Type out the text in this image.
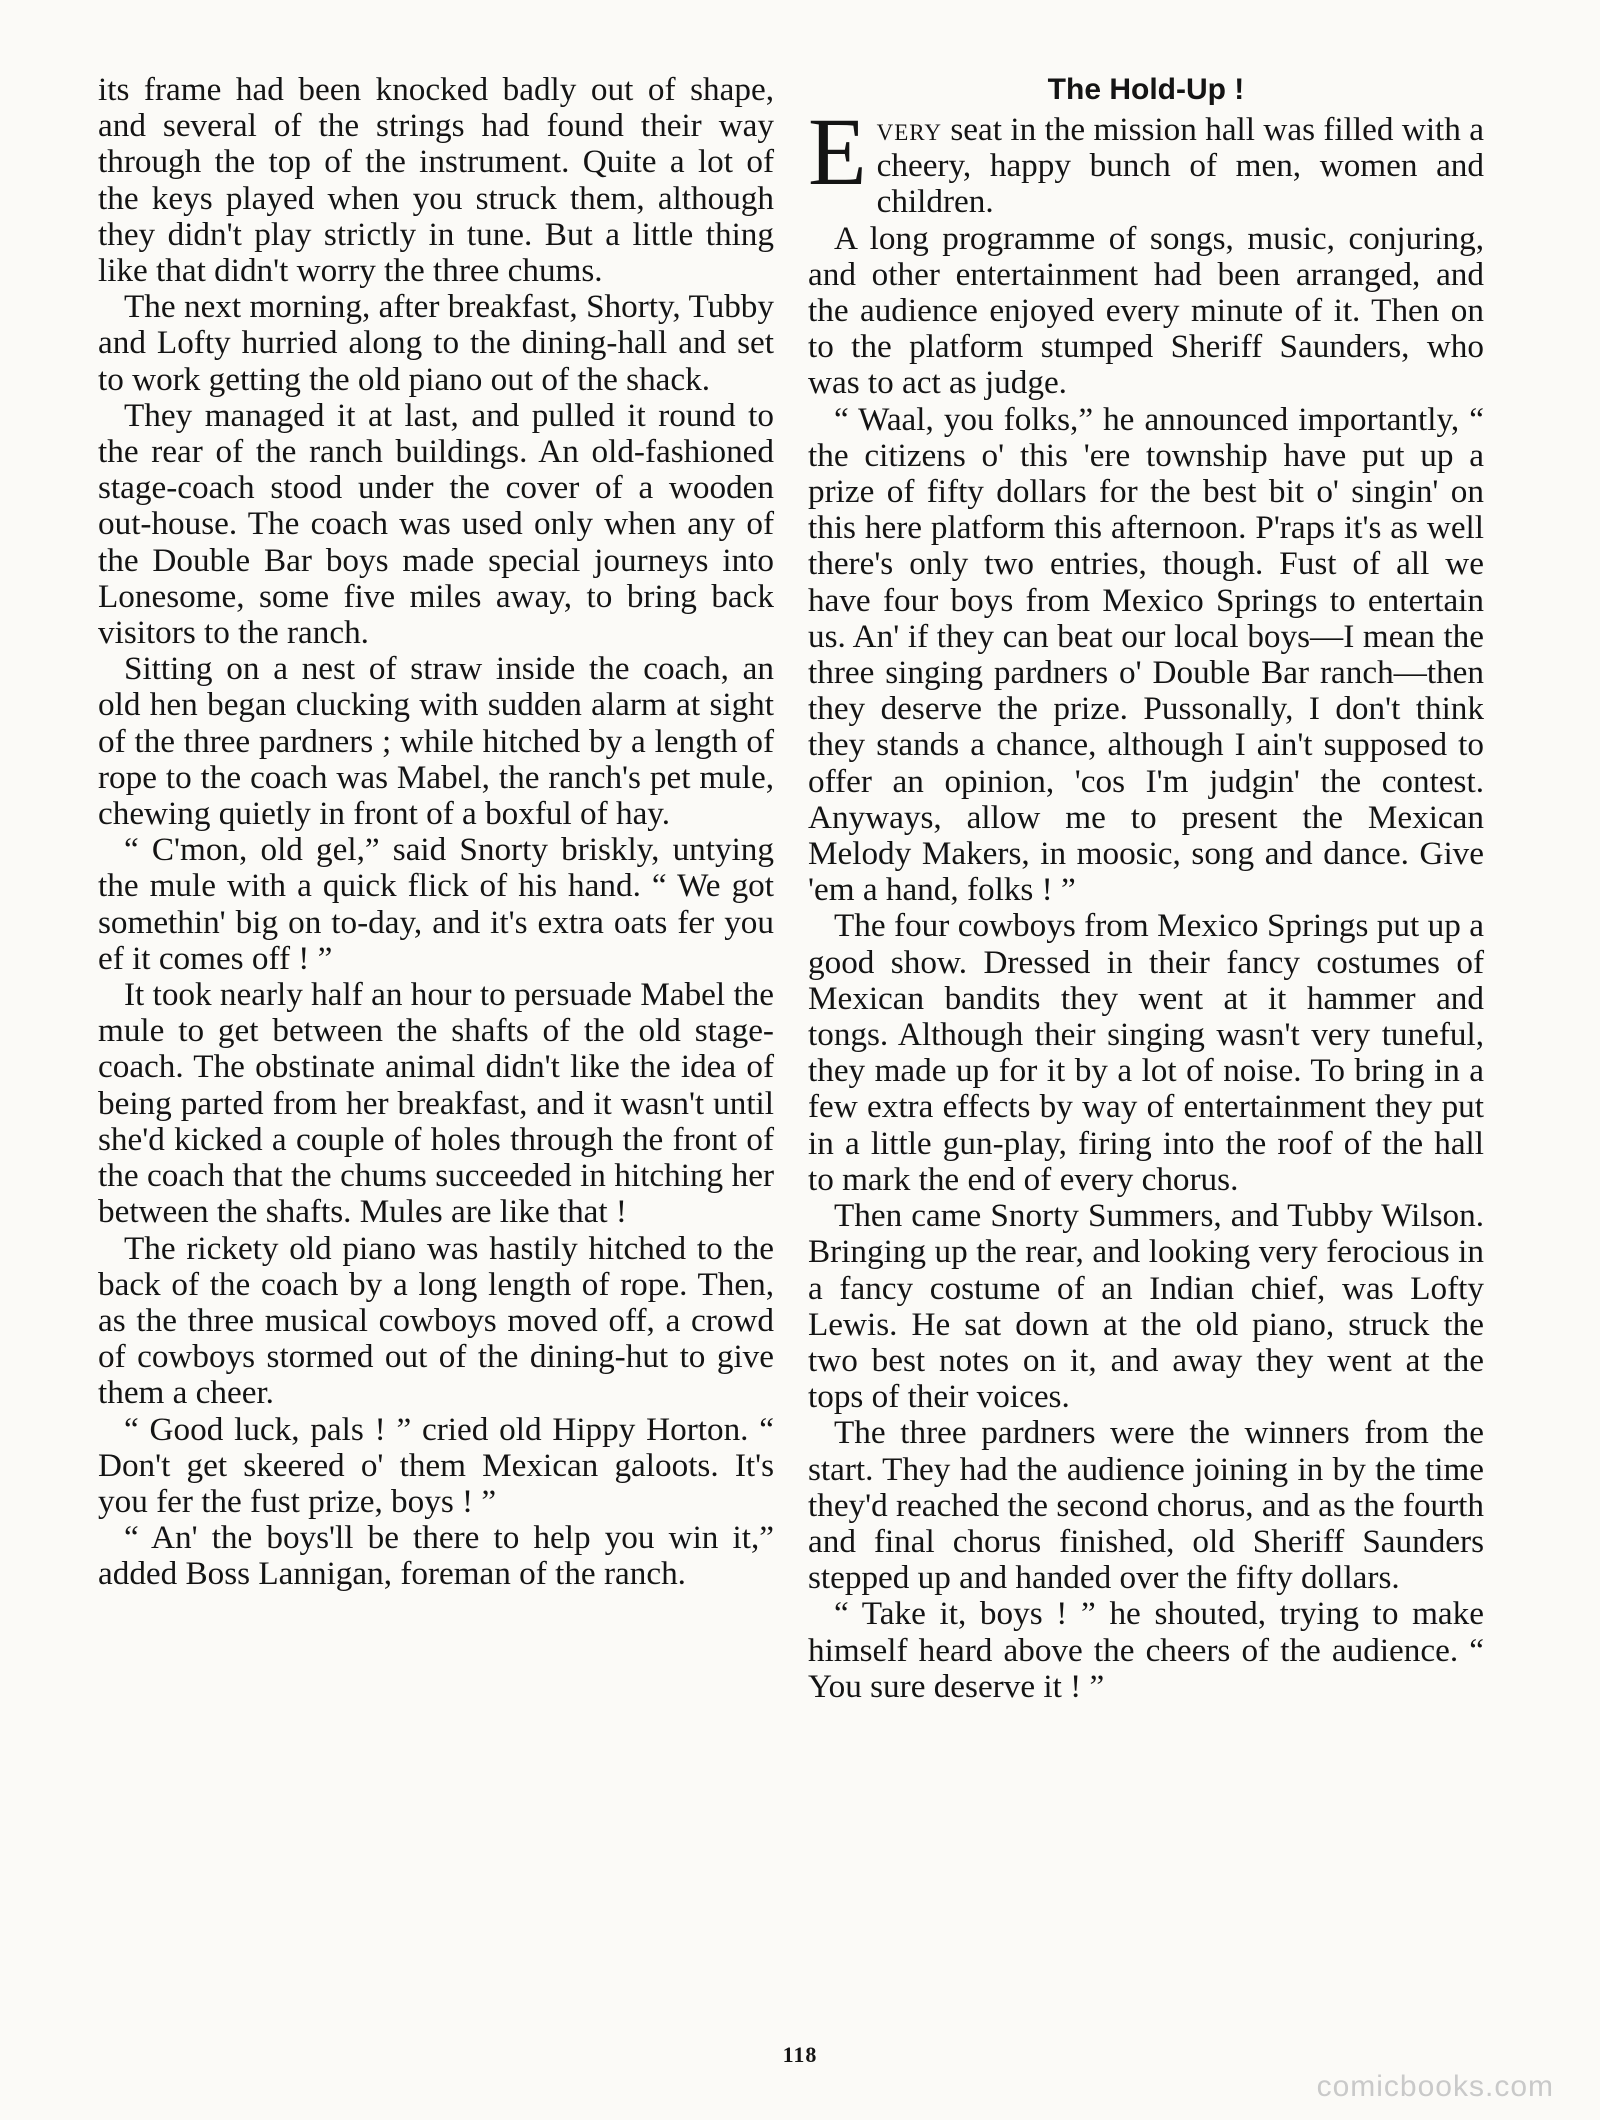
its frame had been knocked badly out of shape, and several of the strings had found their way through the top of the instrument. Quite a lot of the keys played when you struck them, although they didn't play strictly in tune. But a little thing like that didn't worry the three chums.

The next morning, after breakfast, Shorty, Tubby and Lofty hurried along to the dining-hall and set to work getting the old piano out of the shack.

They managed it at last, and pulled it round to the rear of the ranch buildings. An old-fashioned stage-coach stood under the cover of a wooden out-house. The coach was used only when any of the Double Bar boys made special journeys into Lonesome, some five miles away, to bring back visitors to the ranch.

Sitting on a nest of straw inside the coach, an old hen began clucking with sudden alarm at sight of the three pardners ; while hitched by a length of rope to the coach was Mabel, the ranch's pet mule, chewing quietly in front of a boxful of hay.

“ C'mon, old gel,” said Snorty briskly, untying the mule with a quick flick of his hand. “ We got somethin' big on to-day, and it's extra oats fer you ef it comes off ! ”

It took nearly half an hour to persuade Mabel the mule to get between the shafts of the old stage-coach. The obstinate animal didn't like the idea of being parted from her breakfast, and it wasn't until she'd kicked a couple of holes through the front of the coach that the chums succeeded in hitching her between the shafts. Mules are like that !

The rickety old piano was hastily hitched to the back of the coach by a long length of rope. Then, as the three musical cowboys moved off, a crowd of cowboys stormed out of the dining-hut to give them a cheer.

“ Good luck, pals ! ” cried old Hippy Horton. “ Don't get skeered o' them Mexican galoots. It's you fer the fust prize, boys ! ”

“ An' the boys'll be there to help you win it,” added Boss Lannigan, foreman of the ranch.

The Hold-Up !

Every seat in the mission hall was filled with a cheery, happy bunch of men, women and children.

A long programme of songs, music, conjuring, and other entertainment had been arranged, and the audience enjoyed every minute of it. Then on to the platform stumped Sheriff Saunders, who was to act as judge.

“ Waal, you folks,” he announced importantly, “ the citizens o' this 'ere township have put up a prize of fifty dollars for the best bit o' singin' on this here platform this afternoon. P'raps it's as well there's only two entries, though. Fust of all we have four boys from Mexico Springs to entertain us. An' if they can beat our local boys—I mean the three singing pardners o' Double Bar ranch—then they deserve the prize. Pussonally, I don't think they stands a chance, although I ain't supposed to offer an opinion, 'cos I'm judgin' the contest. Anyways, allow me to present the Mexican Melody Makers, in moosic, song and dance. Give 'em a hand, folks ! ”

The four cowboys from Mexico Springs put up a good show. Dressed in their fancy costumes of Mexican bandits they went at it hammer and tongs. Although their singing wasn't very tuneful, they made up for it by a lot of noise. To bring in a few extra effects by way of entertainment they put in a little gun-play, firing into the roof of the hall to mark the end of every chorus.

Then came Snorty Summers, and Tubby Wilson. Bringing up the rear, and looking very ferocious in a fancy costume of an Indian chief, was Lofty Lewis. He sat down at the old piano, struck the two best notes on it, and away they went at the tops of their voices.

The three pardners were the winners from the start. They had the audience joining in by the time they'd reached the second chorus, and as the fourth and final chorus finished, old Sheriff Saunders stepped up and handed over the fifty dollars.

“ Take it, boys ! ” he shouted, trying to make himself heard above the cheers of the audience. “ You sure deserve it ! ”

118
comicbooks.com
